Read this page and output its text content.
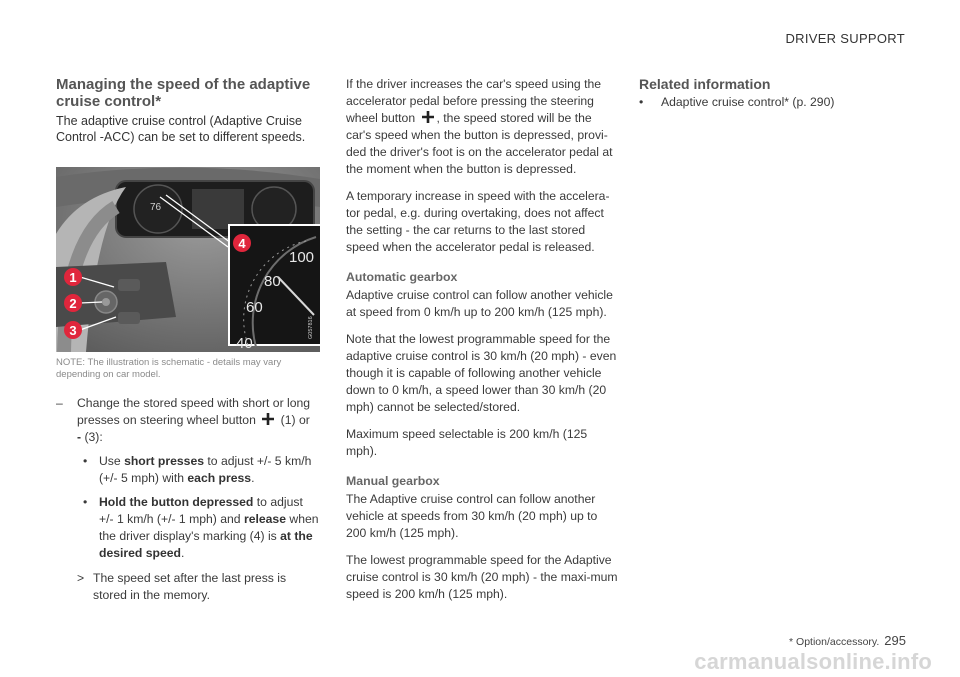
DRIVER SUPPORT
Managing the speed of the adaptive cruise control*

The adaptive cruise control (Adaptive Cruise Control -ACC) can be set to different speeds.

76
100
80
60
40
G057816
1
2
3
4
NOTE: The illustration is schematic - details may vary depending on car model.
– Change the stored speed with short or long presses on steering wheel button (1) or
- (3):
• Use short presses to adjust +/- 5 km/h (+/- 5 mph) with each press.
• Hold the button depressed to adjust +/- 1 km/h (+/- 1 mph) and release when the driver display's marking (4) is at the desired speed.
> The speed set after the last press is stored in the memory.

If the driver increases the car's speed using the accelerator pedal before pressing the steering wheel button , the speed stored will be the car's speed when the button is depressed, provi-ded the driver's foot is on the accelerator pedal at the moment when the button is depressed.

A temporary increase in speed with the accelera-tor pedal, e.g. during overtaking, does not affect the setting - the car returns to the last stored speed when the accelerator pedal is released.

Automatic gearbox

Adaptive cruise control can follow another vehicle at speed from 0 km/h up to 200 km/h (125 mph).

Note that the lowest programmable speed for the adaptive cruise control is 30 km/h (20 mph) - even though it is capable of following another vehicle down to 0 km/h, a speed lower than 30 km/h (20 mph) cannot be selected/stored.

Maximum speed selectable is 200 km/h (125 mph).

Manual gearbox

The Adaptive cruise control can follow another vehicle at speeds from 30 km/h (20 mph) up to 200 km/h (125 mph).

The lowest programmable speed for the Adaptive cruise control is 30 km/h (20 mph) - the maxi-mum speed is 200 km/h (125 mph).

Related information
• Adaptive cruise control* (p. 290)
* Option/accessory. 295
carmanualsonline.info
